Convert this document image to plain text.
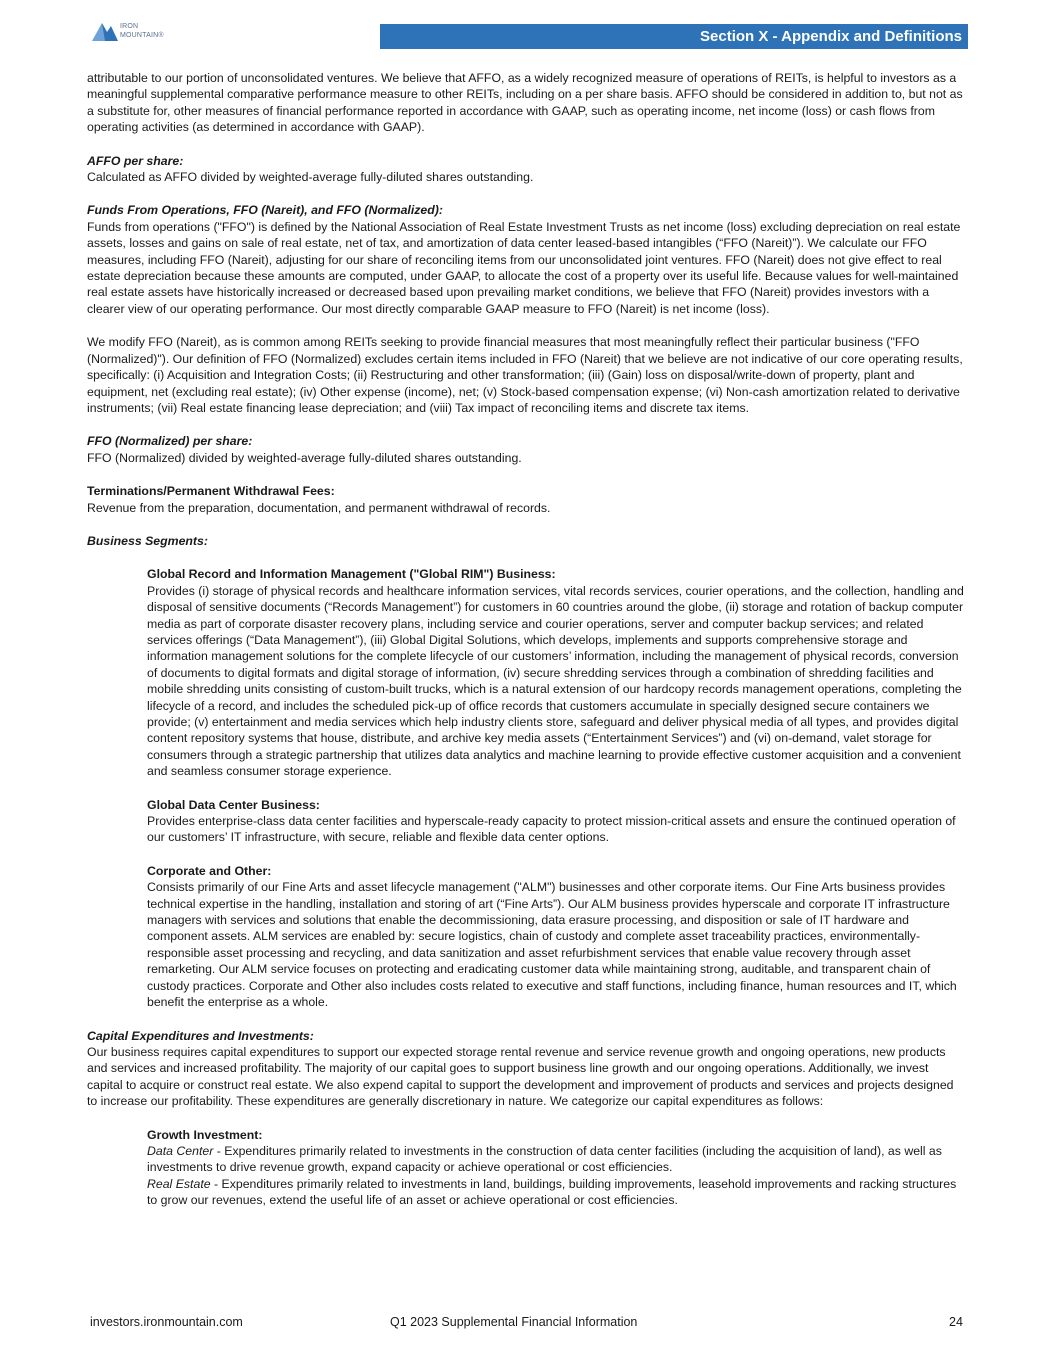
IRON
MOUNTAIN®	Section X - Appendix and Definitions

attributable to our portion of unconsolidated ventures. We believe that AFFO, as a widely recognized measure of operations of REITs, is helpful to investors as a meaningful supplemental comparative performance measure to other REITs, including on a per share basis. AFFO should be considered in addition to, but not as a substitute for, other measures of financial performance reported in accordance with GAAP, such as operating income, net income (loss) or cash flows from operating activities (as determined in accordance with GAAP).

AFFO per share:

Calculated as AFFO divided by weighted-average fully-diluted shares outstanding.

Funds From Operations, FFO (Nareit), and FFO (Normalized):

Funds from operations ("FFO") is defined by the National Association of Real Estate Investment Trusts as net income (loss) excluding depreciation on real estate assets, losses and gains on sale of real estate, net of tax, and amortization of data center leased-based intangibles (“FFO (Nareit)”). We calculate our FFO measures, including FFO (Nareit), adjusting for our share of reconciling items from our unconsolidated joint ventures. FFO (Nareit) does not give effect to real estate depreciation because these amounts are computed, under GAAP, to allocate the cost of a property over its useful life. Because values for well-maintained real estate assets have historically increased or decreased based upon prevailing market conditions, we believe that FFO (Nareit) provides investors with a clearer view of our operating performance. Our most directly comparable GAAP measure to FFO (Nareit) is net income (loss).

We modify FFO (Nareit), as is common among REITs seeking to provide financial measures that most meaningfully reflect their particular business ("FFO (Normalized)"). Our definition of FFO (Normalized) excludes certain items included in FFO (Nareit) that we believe are not indicative of our core operating results, specifically: (i) Acquisition and Integration Costs; (ii) Restructuring and other transformation; (iii) (Gain) loss on disposal/write-down of property, plant and equipment, net (excluding real estate); (iv) Other expense (income), net; (v) Stock-based compensation expense; (vi) Non-cash amortization related to derivative instruments; (vii) Real estate financing lease depreciation; and (viii) Tax impact of reconciling items and discrete tax items.

FFO (Normalized) per share:

FFO (Normalized) divided by weighted-average fully-diluted shares outstanding.

Terminations/Permanent Withdrawal Fees:

Revenue from the preparation, documentation, and permanent withdrawal of records.

Business Segments:

Global Record and Information Management ("Global RIM") Business:

Provides (i) storage of physical records and healthcare information services, vital records services, courier operations, and the collection, handling and disposal of sensitive documents (“Records Management”) for customers in 60 countries around the globe, (ii) storage and rotation of backup computer media as part of corporate disaster recovery plans, including service and courier operations, server and computer backup services; and related services offerings (“Data Management”), (iii) Global Digital Solutions, which develops, implements and supports comprehensive storage and information management solutions for the complete lifecycle of our customers’ information, including the management of physical records, conversion of documents to digital formats and digital storage of information, (iv) secure shredding services through a combination of shredding facilities and mobile shredding units consisting of custom-built trucks, which is a natural extension of our hardcopy records management operations, completing the lifecycle of a record, and includes the scheduled pick-up of office records that customers accumulate in specially designed secure containers we provide; (v) entertainment and media services which help industry clients store, safeguard and deliver physical media of all types, and provides digital content repository systems that house, distribute, and archive key media assets (“Entertainment Services”) and (vi) on-demand, valet storage for consumers through a strategic partnership that utilizes data analytics and machine learning to provide effective customer acquisition and a convenient and seamless consumer storage experience.

Global Data Center Business:

Provides enterprise-class data center facilities and hyperscale-ready capacity to protect mission-critical assets and ensure the continued operation of our customers’ IT infrastructure, with secure, reliable and flexible data center options.

Corporate and Other:

Consists primarily of our Fine Arts and asset lifecycle management ("ALM") businesses and other corporate items. Our Fine Arts business provides technical expertise in the handling, installation and storing of art (“Fine Arts”). Our ALM business provides hyperscale and corporate IT infrastructure managers with services and solutions that enable the decommissioning, data erasure processing, and disposition or sale of IT hardware and component assets. ALM services are enabled by: secure logistics, chain of custody and complete asset traceability practices, environmentally-responsible asset processing and recycling, and data sanitization and asset refurbishment services that enable value recovery through asset remarketing. Our ALM service focuses on protecting and eradicating customer data while maintaining strong, auditable, and transparent chain of custody practices. Corporate and Other also includes costs related to executive and staff functions, including finance, human resources and IT, which benefit the enterprise as a whole.

Capital Expenditures and Investments:

Our business requires capital expenditures to support our expected storage rental revenue and service revenue growth and ongoing operations, new products and services and increased profitability. The majority of our capital goes to support business line growth and our ongoing operations. Additionally, we invest capital to acquire or construct real estate. We also expend capital to support the development and improvement of products and services and projects designed to increase our profitability. These expenditures are generally discretionary in nature. We categorize our capital expenditures as follows:

Growth Investment:

Data Center - Expenditures primarily related to investments in the construction of data center facilities (including the acquisition of land), as well as investments to drive revenue growth, expand capacity or achieve operational or cost efficiencies.

Real Estate - Expenditures primarily related to investments in land, buildings, building improvements, leasehold improvements and racking structures to grow our revenues, extend the useful life of an asset or achieve operational or cost efficiencies.

investors.ironmountain.com	Q1 2023 Supplemental Financial Information	24
